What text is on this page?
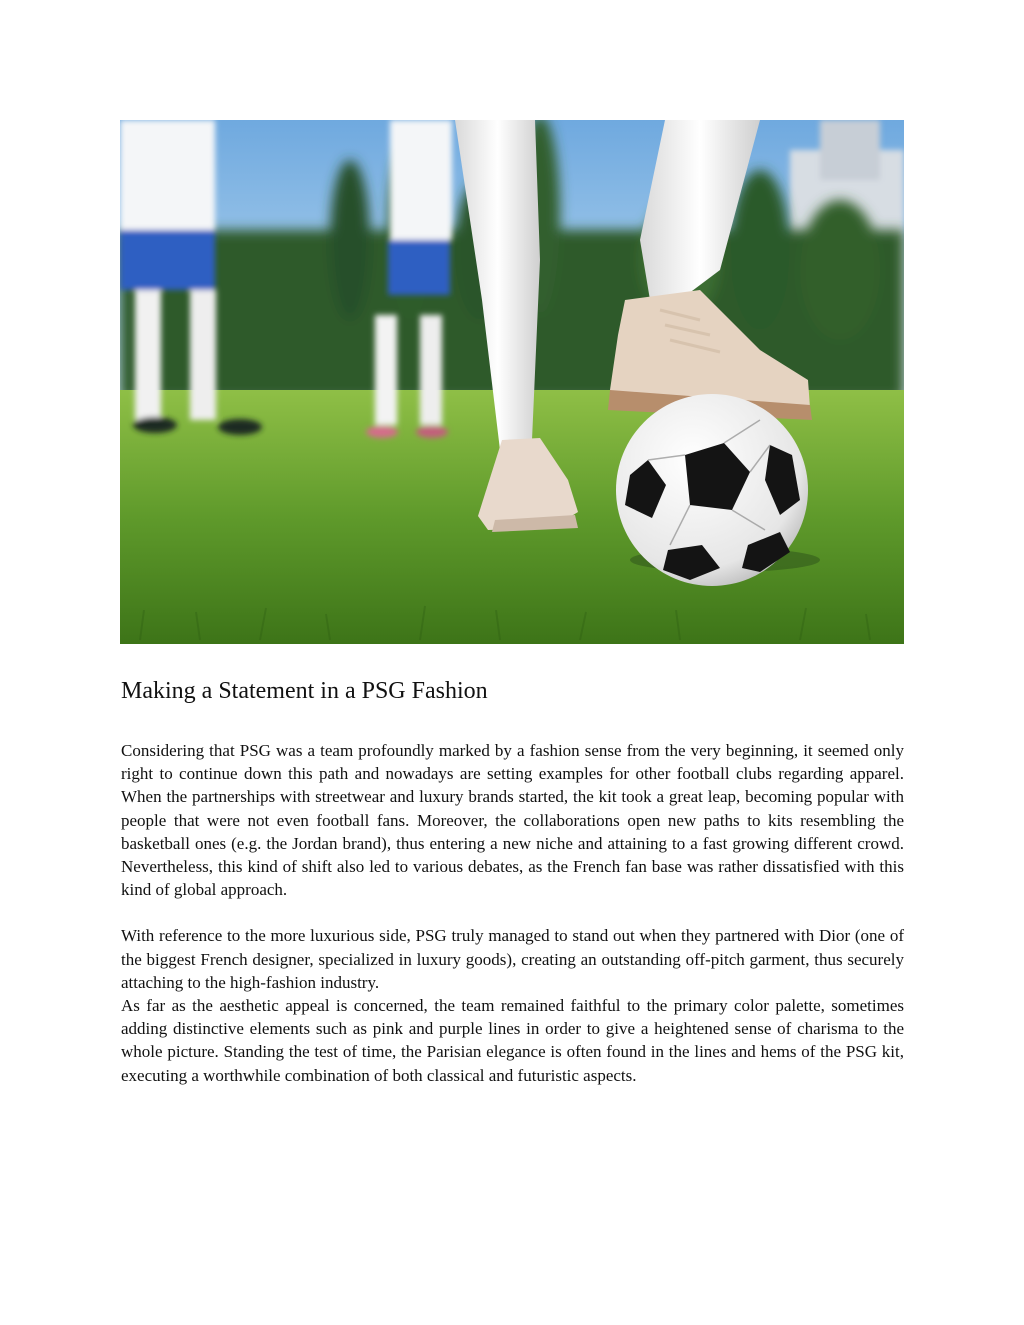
Making a Statement in a PSG Fashion

Considering that PSG was a team profoundly marked by a fashion sense from the very beginning, it seemed only right to continue down this path and nowadays are setting examples for other football clubs regarding apparel. When the partnerships with streetwear and luxury brands started, the kit took a great leap, becoming popular with people that were not even football fans. Moreover, the collaborations open new paths to kits resembling the basketball ones (e.g. the Jordan brand), thus entering a new niche and attaining to a fast growing different crowd. Nevertheless, this kind of shift also led to various debates, as the French fan base was rather dissatisfied with this kind of global approach.

With reference to the more luxurious side, PSG truly managed to stand out when they partnered with Dior (one of the biggest French designer, specialized in luxury goods), creating an outstanding off-pitch garment, thus securely attaching to the high-fashion industry.

As far as the aesthetic appeal is concerned, the team remained faithful to the primary color palette, sometimes adding distinctive elements such as pink and purple lines in order to give a heightened sense of charisma to the whole picture. Standing the test of time, the Parisian elegance is often found in the lines and hems of the PSG kit, executing a worthwhile combination of both classical and futuristic aspects.
